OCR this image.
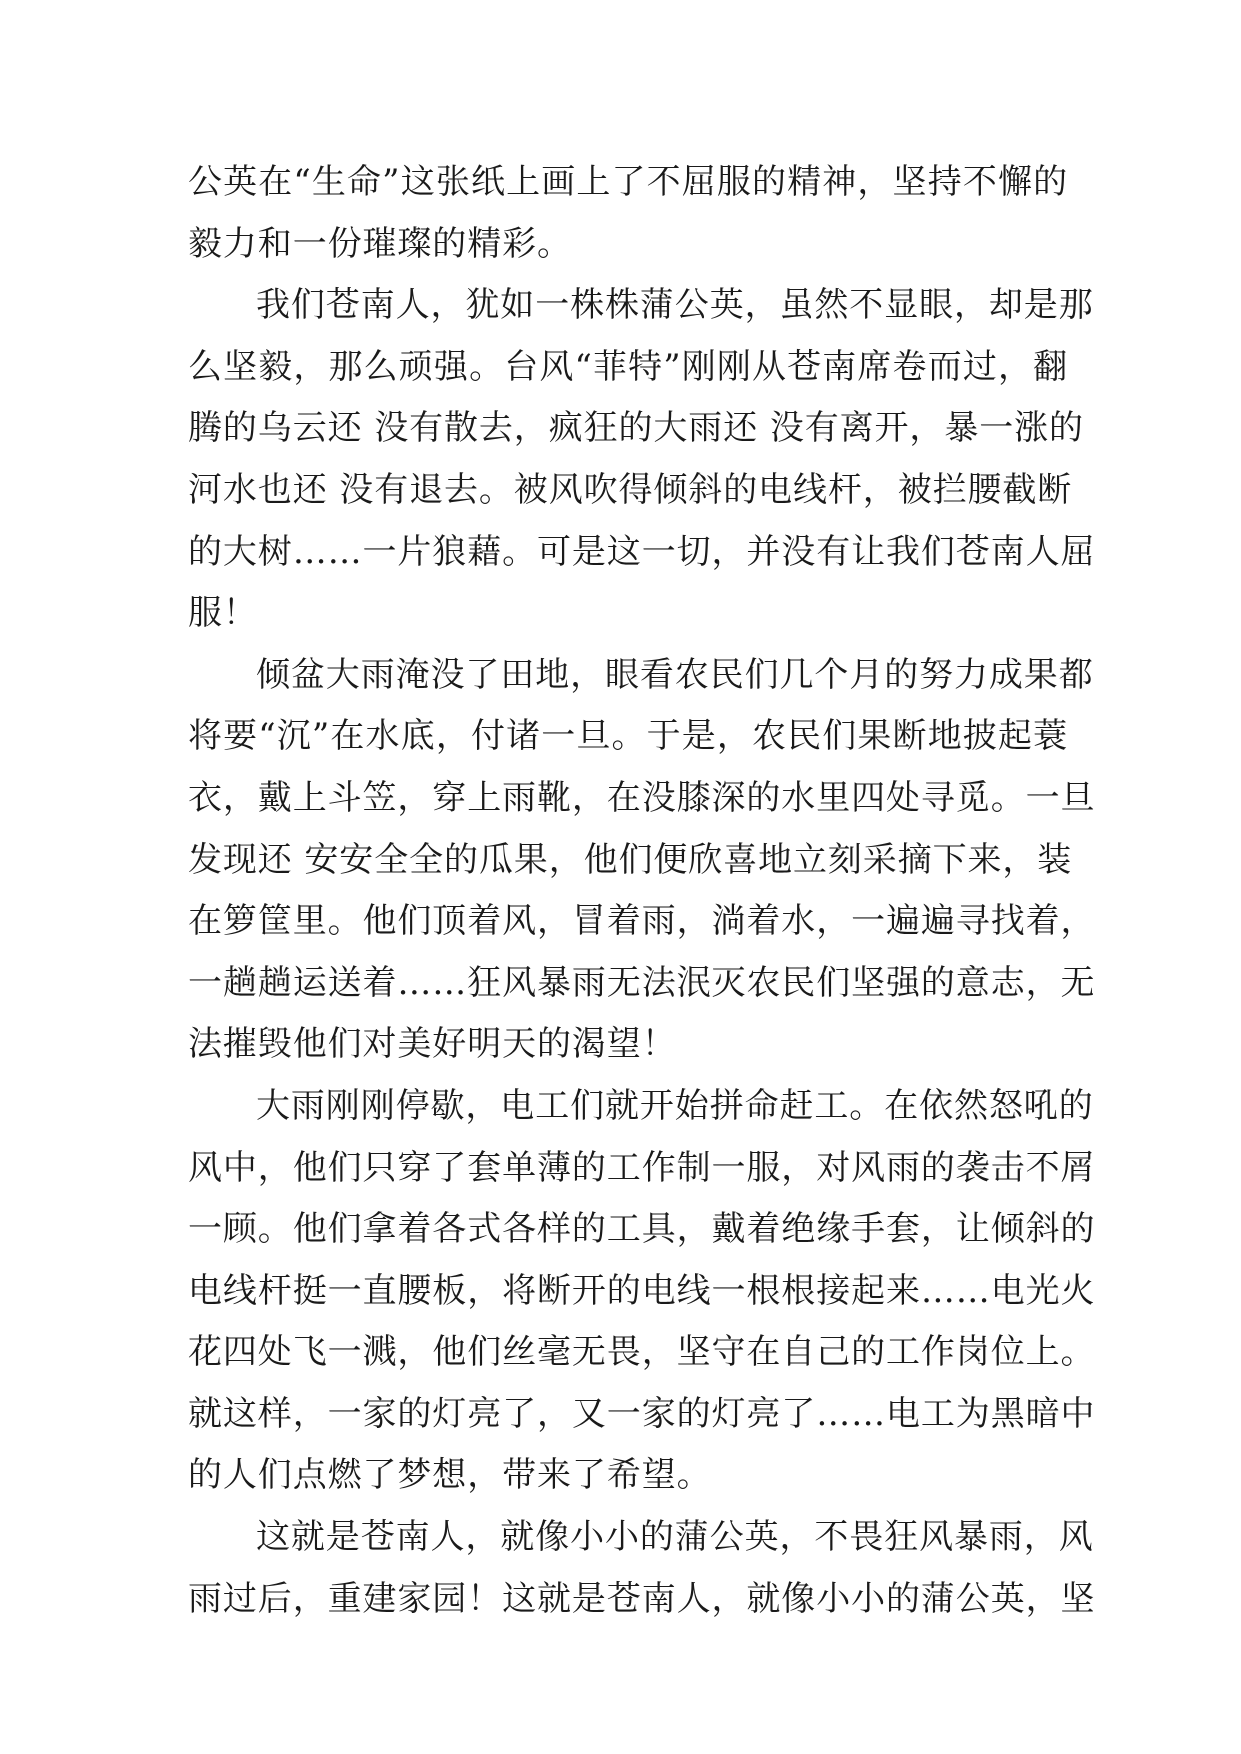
公英在“生命”这张纸上画上了不屈服的精神，坚持不懈的
毅力和一份璀璨的精彩。
我们苍南人，犹如一株株蒲公英，虽然不显眼，却是那
么坚毅，那么顽强。台风“菲特”刚刚从苍南席卷而过，翻
腾的乌云还 没有散去，疯狂的大雨还 没有离开，暴一涨的
河水也还 没有退去。被风吹得倾斜的电线杆，被拦腰截断
的大树……一片狼藉。可是这一切，并没有让我们苍南人屈
服！
倾盆大雨淹没了田地，眼看农民们几个月的努力成果都
将要“沉”在水底，付诸一旦。于是，农民们果断地披起蓑
衣，戴上斗笠，穿上雨靴，在没膝深的水里四处寻觅。一旦
发现还 安安全全的瓜果，他们便欣喜地立刻采摘下来，装
在箩筐里。他们顶着风，冒着雨，淌着水，一遍遍寻找着，
一趟趟运送着……狂风暴雨无法泯灭农民们坚强的意志，无
法摧毁他们对美好明天的渴望！
大雨刚刚停歇，电工们就开始拼命赶工。在依然怒吼的
风中，他们只穿了套单薄的工作制一服，对风雨的袭击不屑
一顾。他们拿着各式各样的工具，戴着绝缘手套，让倾斜的
电线杆挺一直腰板，将断开的电线一根根接起来……电光火
花四处飞一溅，他们丝毫无畏，坚守在自己的工作岗位上。
就这样，一家的灯亮了，又一家的灯亮了……电工为黑暗中
的人们点燃了梦想，带来了希望。
这就是苍南人，就像小小的蒲公英，不畏狂风暴雨，风
雨过后，重建家园！这就是苍南人，就像小小的蒲公英，坚
